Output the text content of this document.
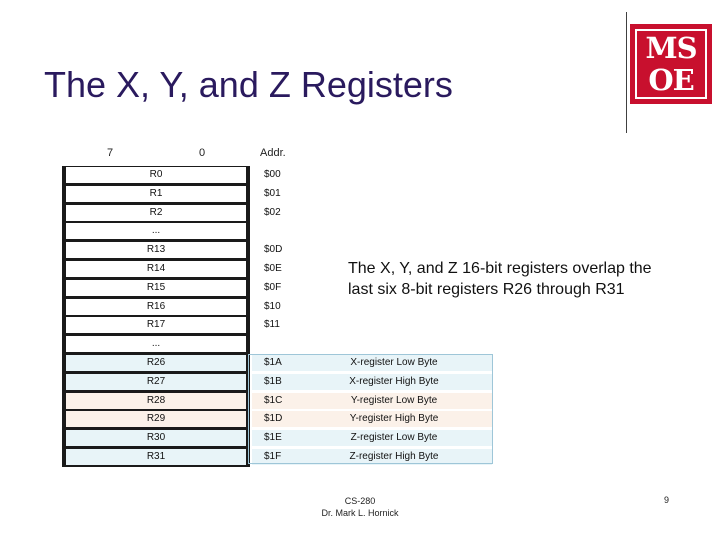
The X, Y, and Z Registers
MS
OE
7	0	Addr.
R0	$00
R1	$01
R2	$02
...
R13	$0D
R14	$0E
R15	$0F
R16	$10
R17	$11
...
R26	$1A	X-register Low Byte
R27	$1B	X-register High Byte
R28	$1C	Y-register Low Byte
R29	$1D	Y-register High Byte
R30	$1E	Z-register Low Byte
R31	$1F	Z-register High Byte
The X, Y, and Z 16-bit registers overlap the last six 8-bit registers R26 through R31
CS-280
Dr. Mark L. Hornick
9
